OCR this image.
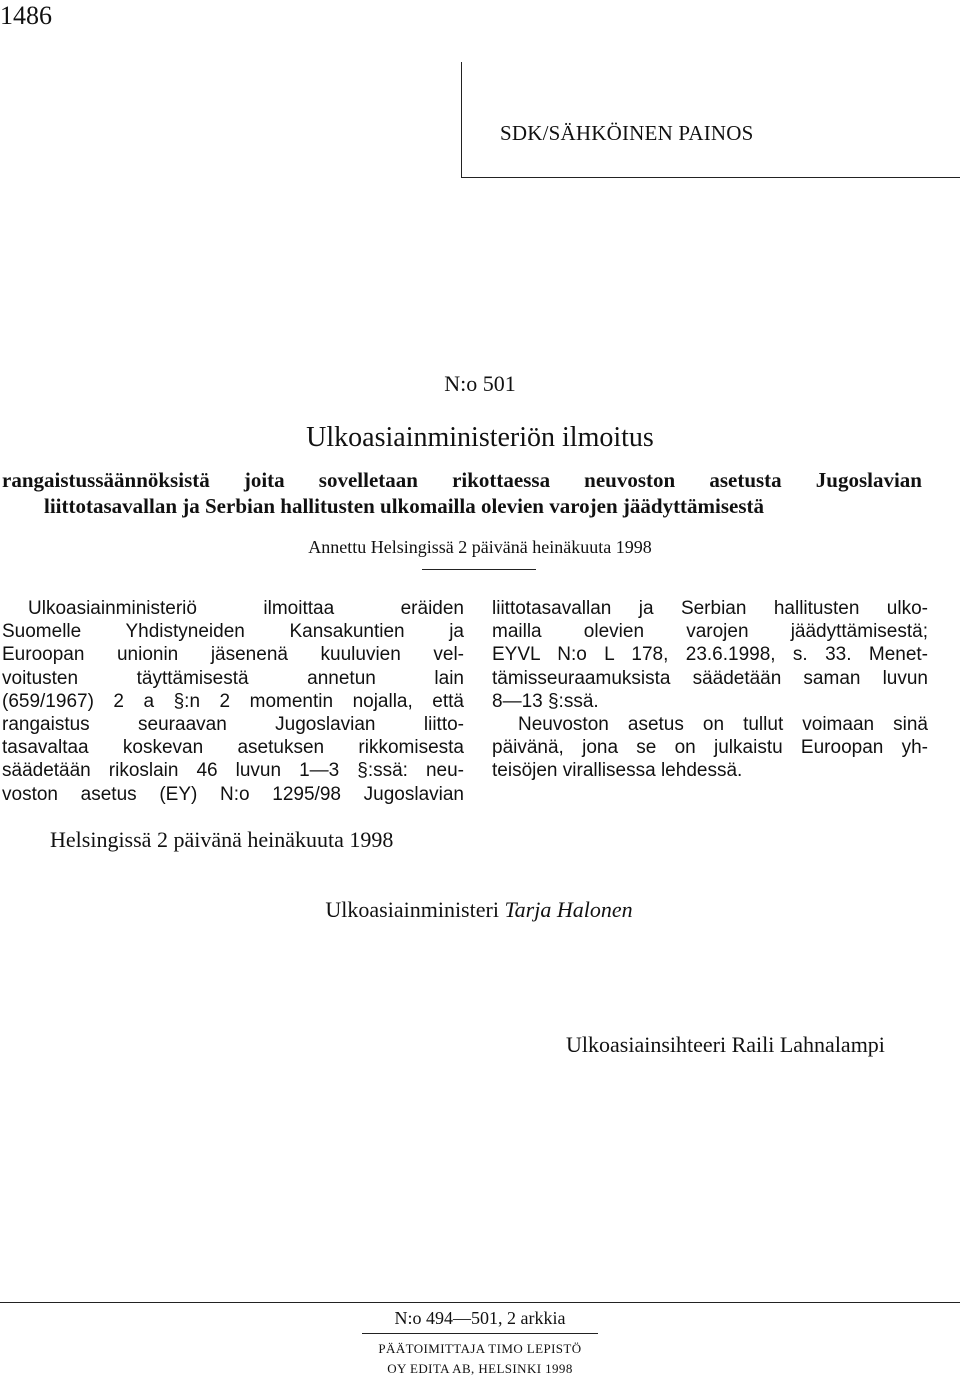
1486
SDK/SÄHKÖINEN PAINOS
N:o 501
Ulkoasiainministeriön ilmoitus
rangaistussäännöksistä joita sovelletaan rikottaessa neuvoston asetusta Jugoslavian
liittotasavallan ja Serbian hallitusten ulkomailla olevien varojen jäädyttämisestä
Annettu Helsingissä 2 päivänä heinäkuuta 1998
Ulkoasiainministeriö ilmoittaa eräiden
Suomelle Yhdistyneiden Kansakuntien ja
Euroopan unionin jäsenenä kuuluvien vel-
voitusten täyttämisestä annetun lain
(659/1967) 2 a §:n 2 momentin nojalla, että
rangaistus seuraavan Jugoslavian liitto-
tasavaltaa koskevan asetuksen rikkomisesta
säädetään rikoslain 46 luvun 1—3 §:ssä: neu-
voston asetus (EY) N:o 1295/98 Jugoslavian
liittotasavallan ja Serbian hallitusten ulko-
mailla olevien varojen jäädyttämisestä;
EYVL N:o L 178, 23.6.1998, s. 33. Menet-
tämisseuraamuksista säädetään saman luvun
8—13 §:ssä.
Neuvoston asetus on tullut voimaan sinä
päivänä, jona se on julkaistu Euroopan yh-
teisöjen virallisessa lehdessä.
Helsingissä 2 päivänä heinäkuuta 1998
Ulkoasiainministeri Tarja Halonen
Ulkoasiainsihteeri Raili Lahnalampi
N:o 494—501, 2 arkkia
PÄÄTOIMITTAJA TIMO LEPISTÖ
OY EDITA AB, HELSINKI 1998
